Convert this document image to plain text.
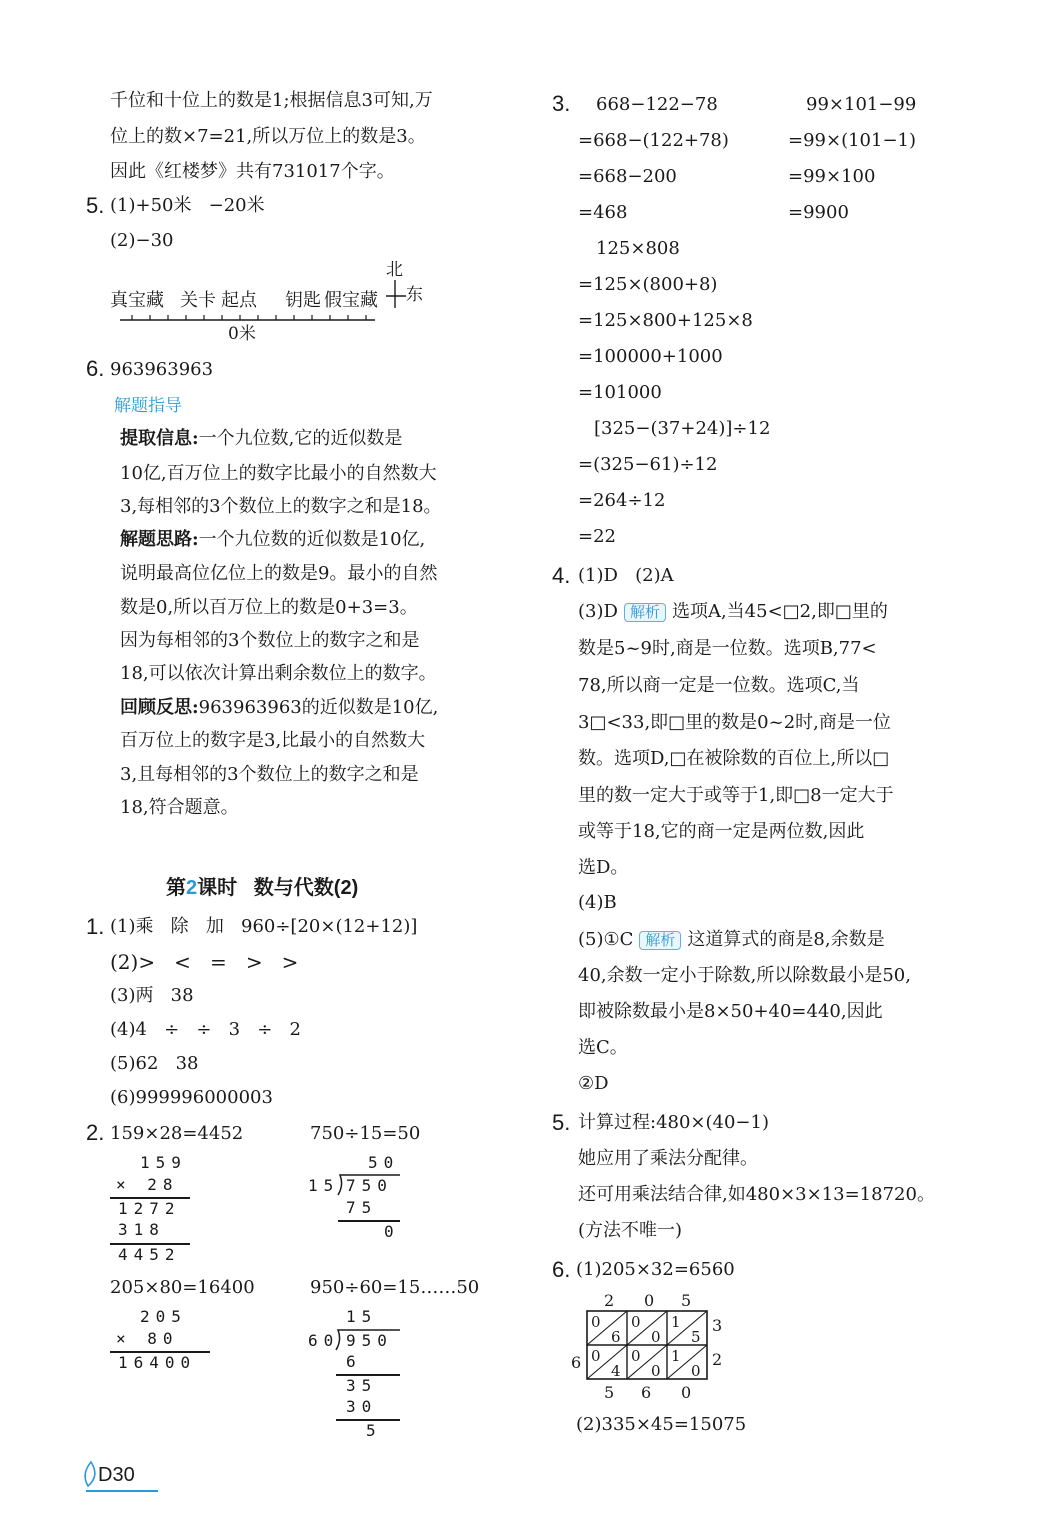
千位和十位上的数是1;根据信息3可知,万
位上的数×7=21,所以万位上的数是3。
因此《红楼梦》共有731017个字。
5. (1)+50米   −20米
(2)−30
真宝藏 关卡 起点 钥匙 假宝藏
0米
北
东
6. 963963963
解题指导
提取信息:一个九位数,它的近似数是
10亿,百万位上的数字比最小的自然数大
3,每相邻的3个数位上的数字之和是18。
解题思路:一个九位数的近似数是10亿,
说明最高位亿位上的数是9。最小的自然
数是0,所以百万位上的数是0+3=3。
因为每相邻的3个数位上的数字之和是
18,可以依次计算出剩余数位上的数字。
回顾反思:963963963的近似数是10亿,
百万位上的数字是3,比最小的自然数大
3,且每相邻的3个数位上的数字之和是
18,符合题意。
第2课时   数与代数(2)
1. (1)乘   除   加   960÷[20×(12+12)]
(2)>   <   =   >   >
(3)两   38
(4)4   ÷   ÷   3   ÷   2
(5)62   38
(6)999996000003
2. 159×28=4452	750÷15=50
159
× 28
1272
318
4452
50
15 750
75
0
205×80=16400	950÷60=15……50
205
× 80
16400
15
60 950
6
35
30
5
D30
3. 668−122−78
=668−(122+78)
=668−200
=468
99×101−99
=99×(101−1)
=99×100
=9900
125×808
=125×(800+8)
=125×800+125×8
=100000+1000
=101000
[325−(37+24)]÷12
=(325−61)÷12
=264÷12
=22
4. (1)D   (2)A
(3)D 解析 选项A,当45<□2,即□里的
数是5~9时,商是一位数。选项B,77<
78,所以商一定是一位数。选项C,当
3□<33,即□里的数是0~2时,商是一位
数。选项D,□在被除数的百位上,所以□
里的数一定大于或等于1,即□8一定大于
或等于18,它的商一定是两位数,因此
选D。
(4)B
(5)①C 解析 这道算式的商是8,余数是
40,余数一定小于除数,所以除数最小是50,
即被除数最小是8×50+40=440,因此
选C。
②D
5. 计算过程:480×(40−1)
她应用了乘法分配律。
还可用乘法结合律,如480×3×13=18720。
(方法不唯一)
6. (1)205×32=6560
2 0 5
0
6
0
0
1
5
0
4
0
0
1
0
3
2
6
5 6 0
(2)335×45=15075
